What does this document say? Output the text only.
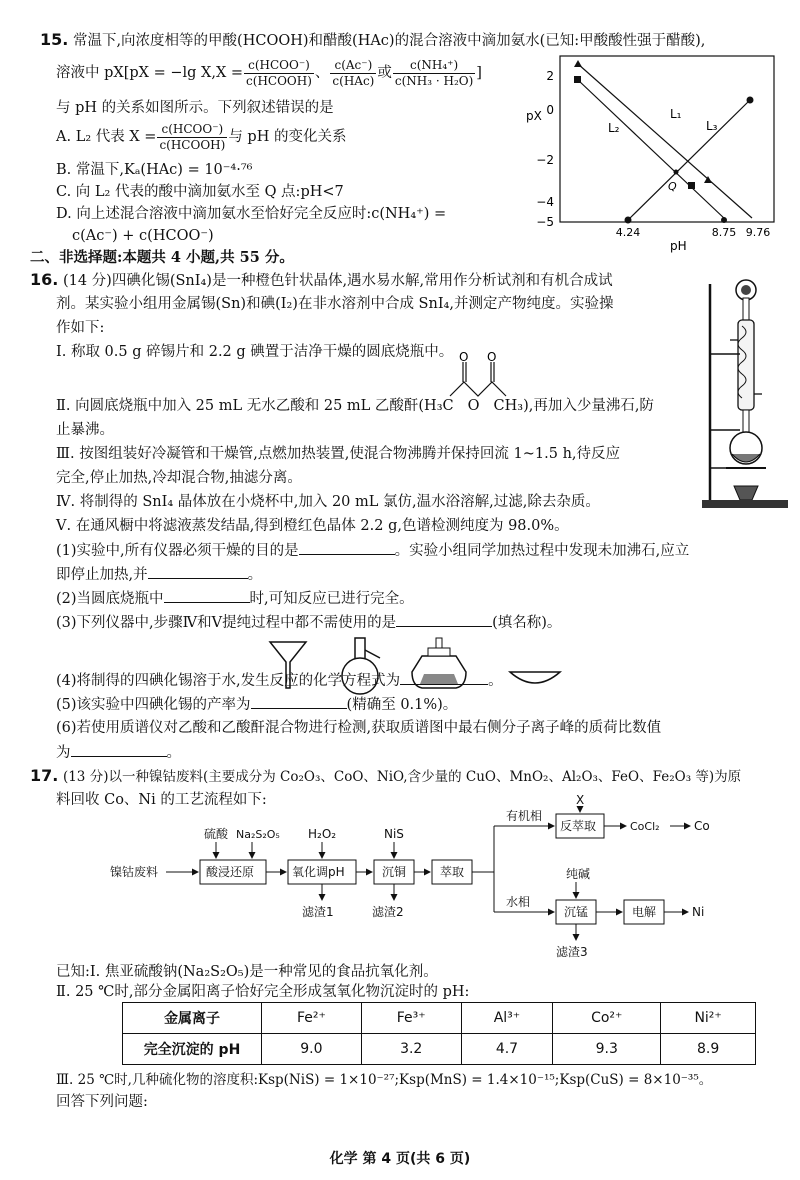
15. 常温下,向浓度相等的甲酸(HCOOH)和醋酸(HAc)的混合溶液中滴加氨水(已知:甲酸酸性强于醋酸),
溶液中 pX[pX = −lg $X,X = \frac{\text{c(HCOO⁻)}}{\text{c(HCOOH)}}$ 、 $\frac{c(Ac^-)}{\text{c(HAc)}}$ 或 $\frac{\text{c(NH₄⁺)}}{\text{c(NH₃ · H₂O)}}$ ]
与 pH 的关系如图所示。下列叙述错误的是
A. L₂ 代表 $X = \frac{\text{c(HCOO⁻)}}{\text{c(HCOOH)}}$ 与 pH 的变化关系
B. 常温下,Kₐ(HAc) = 10⁻⁴·⁷⁶
C. 向 L₂ 代表的酸中滴加氨水至 Q 点:pH<7
D. 向上述混合溶液中滴加氨水至恰好完全反应时:c(NH₄⁺) =
c(Ac⁻) + c(HCOO⁻)
2
0
−2
−4
−5
pX
4.24	8.75 9.76
pH
Q
L₁
L₂	L₃
二、非选择题:本题共 4 小题,共 55 分。
16. (14 分)四碘化锡(SnI₄)是一种橙色针状晶体,遇水易水解,常用作分析试剂和有机合成试
剂。某实验小组用金属锡(Sn)和碘(I₂)在非水溶剂中合成 SnI₄,并测定产物纯度。实验操
作如下:
Ⅰ. 称取 0.5 g 碎锡片和 2.2 g 碘置于洁净干燥的圆底烧瓶中。 O O
Ⅱ. 向圆底烧瓶中加入 25 mL 无水乙酸和 25 mL 乙酸酐(H₃C O CH₃),再加入少量沸石,防
止暴沸。
Ⅲ. 按图组装好冷凝管和干燥管,点燃加热装置,使混合物沸腾并保持回流 1~1.5 h,待反应
完全,停止加热,冷却混合物,抽滤分离。
Ⅳ. 将制得的 SnI₄ 晶体放在小烧杯中,加入 20 mL 氯仿,温水浴溶解,过滤,除去杂质。
Ⅴ. 在通风橱中将滤液蒸发结晶,得到橙红色晶体 2.2 g,色谱检测纯度为 98.0%。
(1)实验中,所有仪器必须干燥的目的是	。实验小组同学加热过程中发现未加沸石,应立
即停止加热,并	。
(2)当圆底烧瓶中	时,可知反应已进行完全。
(3)下列仪器中,步骤Ⅳ和Ⅴ提纯过程中都不需使用的是	(填名称)。
(4)将制得的四碘化锡溶于水,发生反应的化学方程式为	。
(5)该实验中四碘化锡的产率为	(精确至 0.1%)。
(6)若使用质谱仪对乙酸和乙酸酐混合物进行检测,获取质谱图中最右侧分子离子峰的质荷比数值
为	。
17. (13 分)以一种镍钴废料(主要成分为 Co₂O₃、CoO、NiO,含少量的 CuO、MnO₂、Al₂O₃、FeO、Fe₂O₃ 等)为原
料回收 Co、Ni 的工艺流程如下:
镍钴废料	酸浸还原
硫酸 Na₂S₂O₅
氧化调pH
H₂O₂
滤渣1
沉铜
NiS
滤渣2
萃取
有机相
反萃取
X
CoCl₂	Co
水相
沉锰
纯碱
滤渣3
电解	Ni
已知:Ⅰ. 焦亚硫酸钠(Na₂S₂O₅)是一种常见的食品抗氧化剂。
Ⅱ. 25 ℃时,部分金属阳离子恰好完全形成氢氧化物沉淀时的 pH:
金属离子	Fe²⁺	Fe³⁺	Al³⁺	Co²⁺	Ni²⁺
完全沉淀的 pH	9.0	3.2	4.7	9.3	8.9
Ⅲ. 25 ℃时,几种硫化物的溶度积:Ksp(NiS) = 1×10⁻²⁷;Ksp(MnS) = 1.4×10⁻¹⁵;Ksp(CuS) = 8×10⁻³⁵。
回答下列问题:
化学 第 4 页(共 6 页)
